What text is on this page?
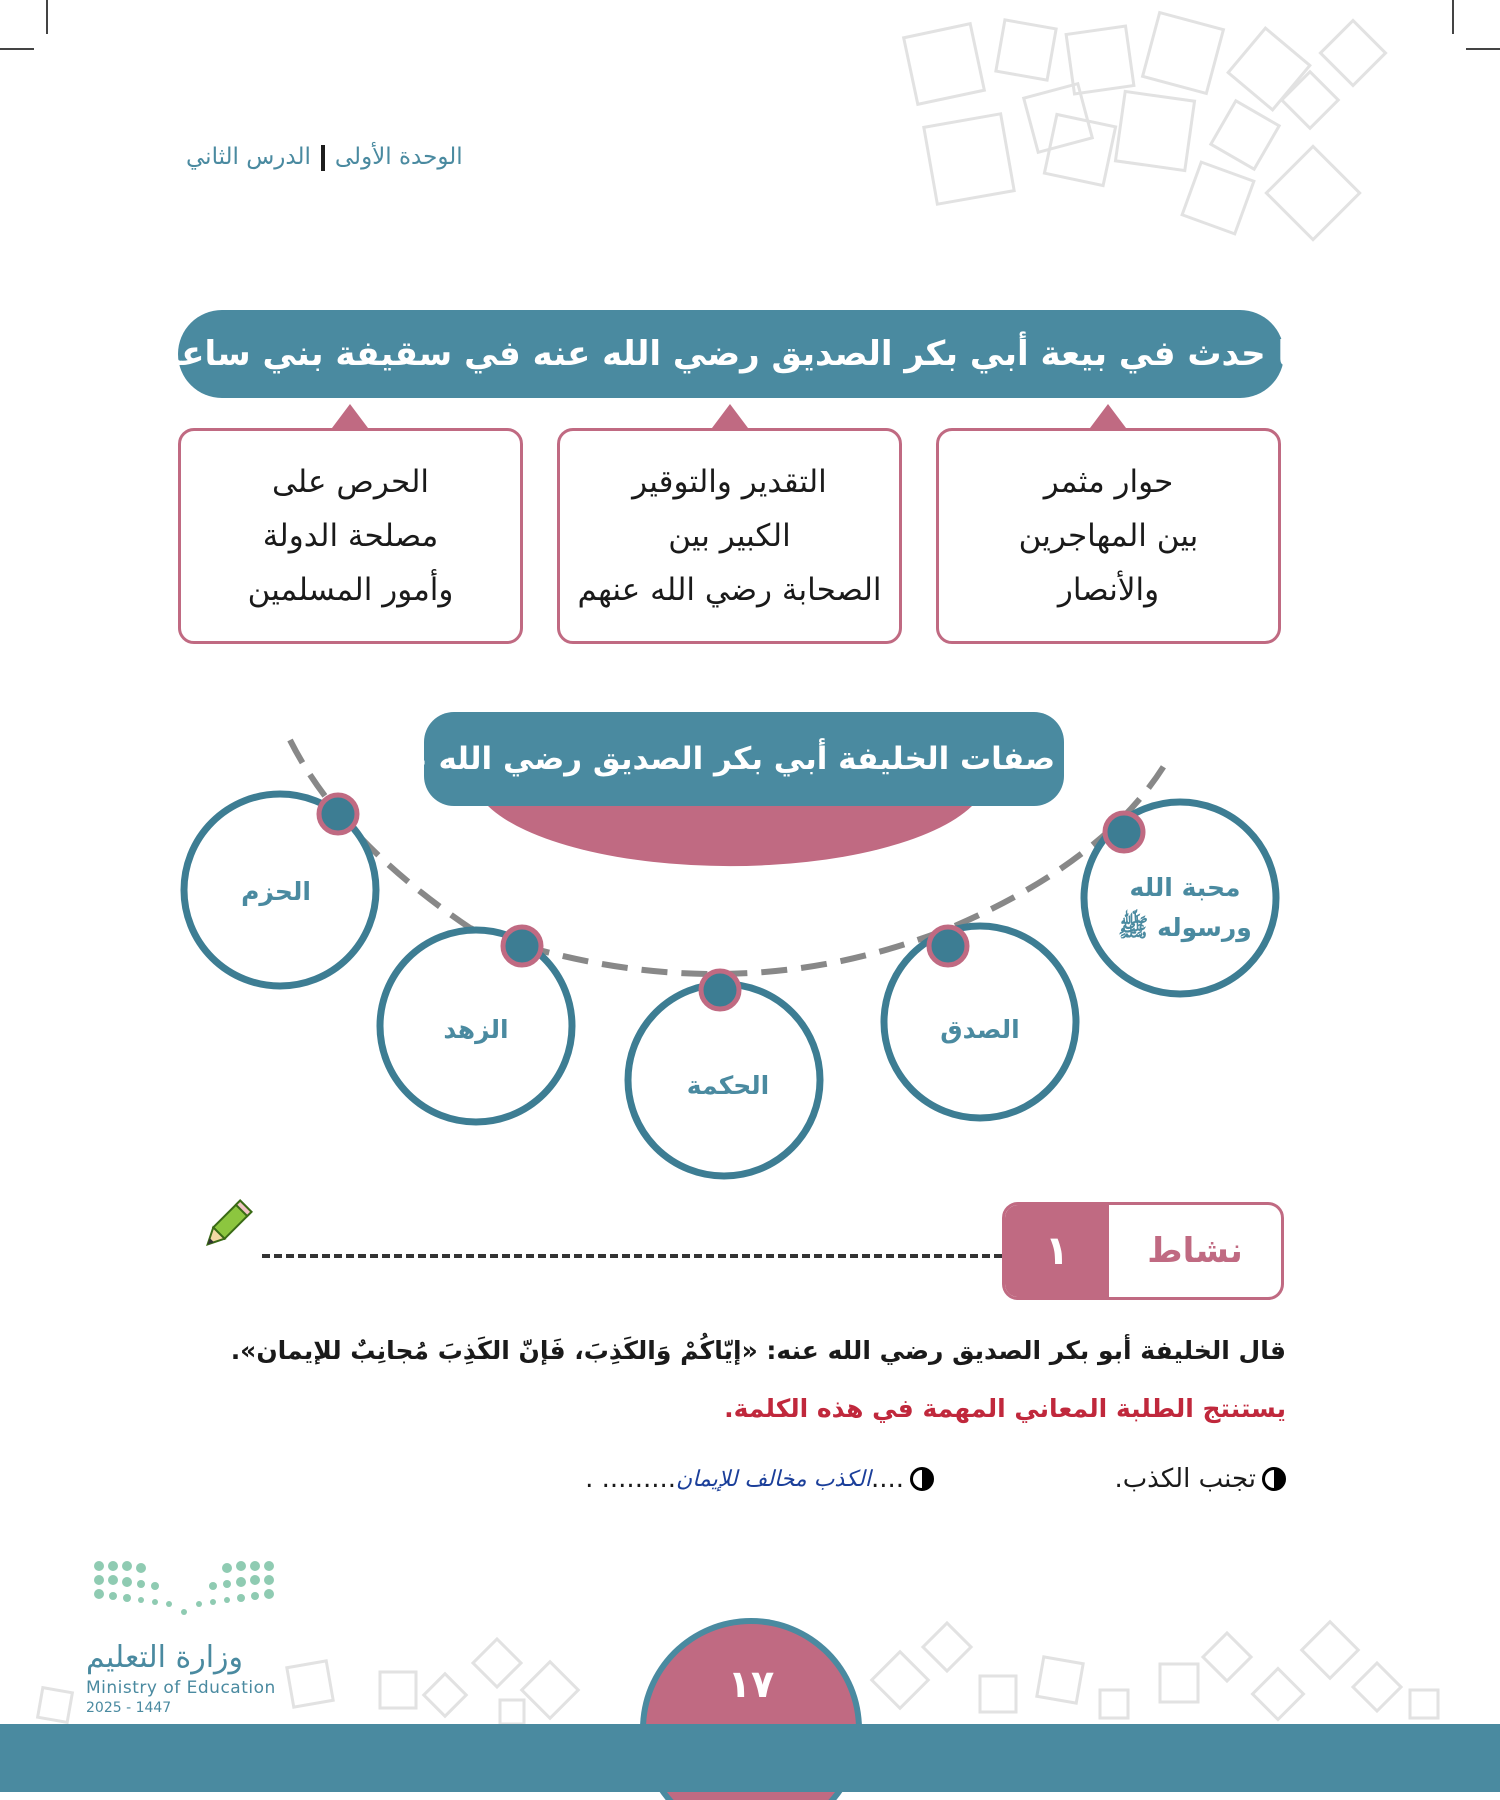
الوحدة الأولىالدرس الثاني
ممّا حدث في بيعة أبي بكر الصديق رضي الله عنه في سقيفة بني ساعدة:
حوار مثمر
بين المهاجرين
والأنصار
التقدير والتوقير
الكبير بين
الصحابة رضي الله عنهم
الحرص على
مصلحة الدولة
وأمور المسلمين
من صفات الخليفة أبي بكر الصديق رضي الله عنه
محبة الله
ورسوله ﷺ
الصدق
الحكمة
الزهد
الحزم
١	نشاط
قال الخليفة أبو بكر الصديق رضي الله عنه: «إيّاكُمْ وَالكَذِبَ، فَإنّ الكَذِبَ مُجانِبٌ للإيمان».
يستنتج الطلبة المعاني المهمة في هذه الكلمة.
تجنب الكذب.
....
الكذب مخالف للإيمان
......... .
وزارة التعليم
Ministry of Education
2025 - 1447
١٧
